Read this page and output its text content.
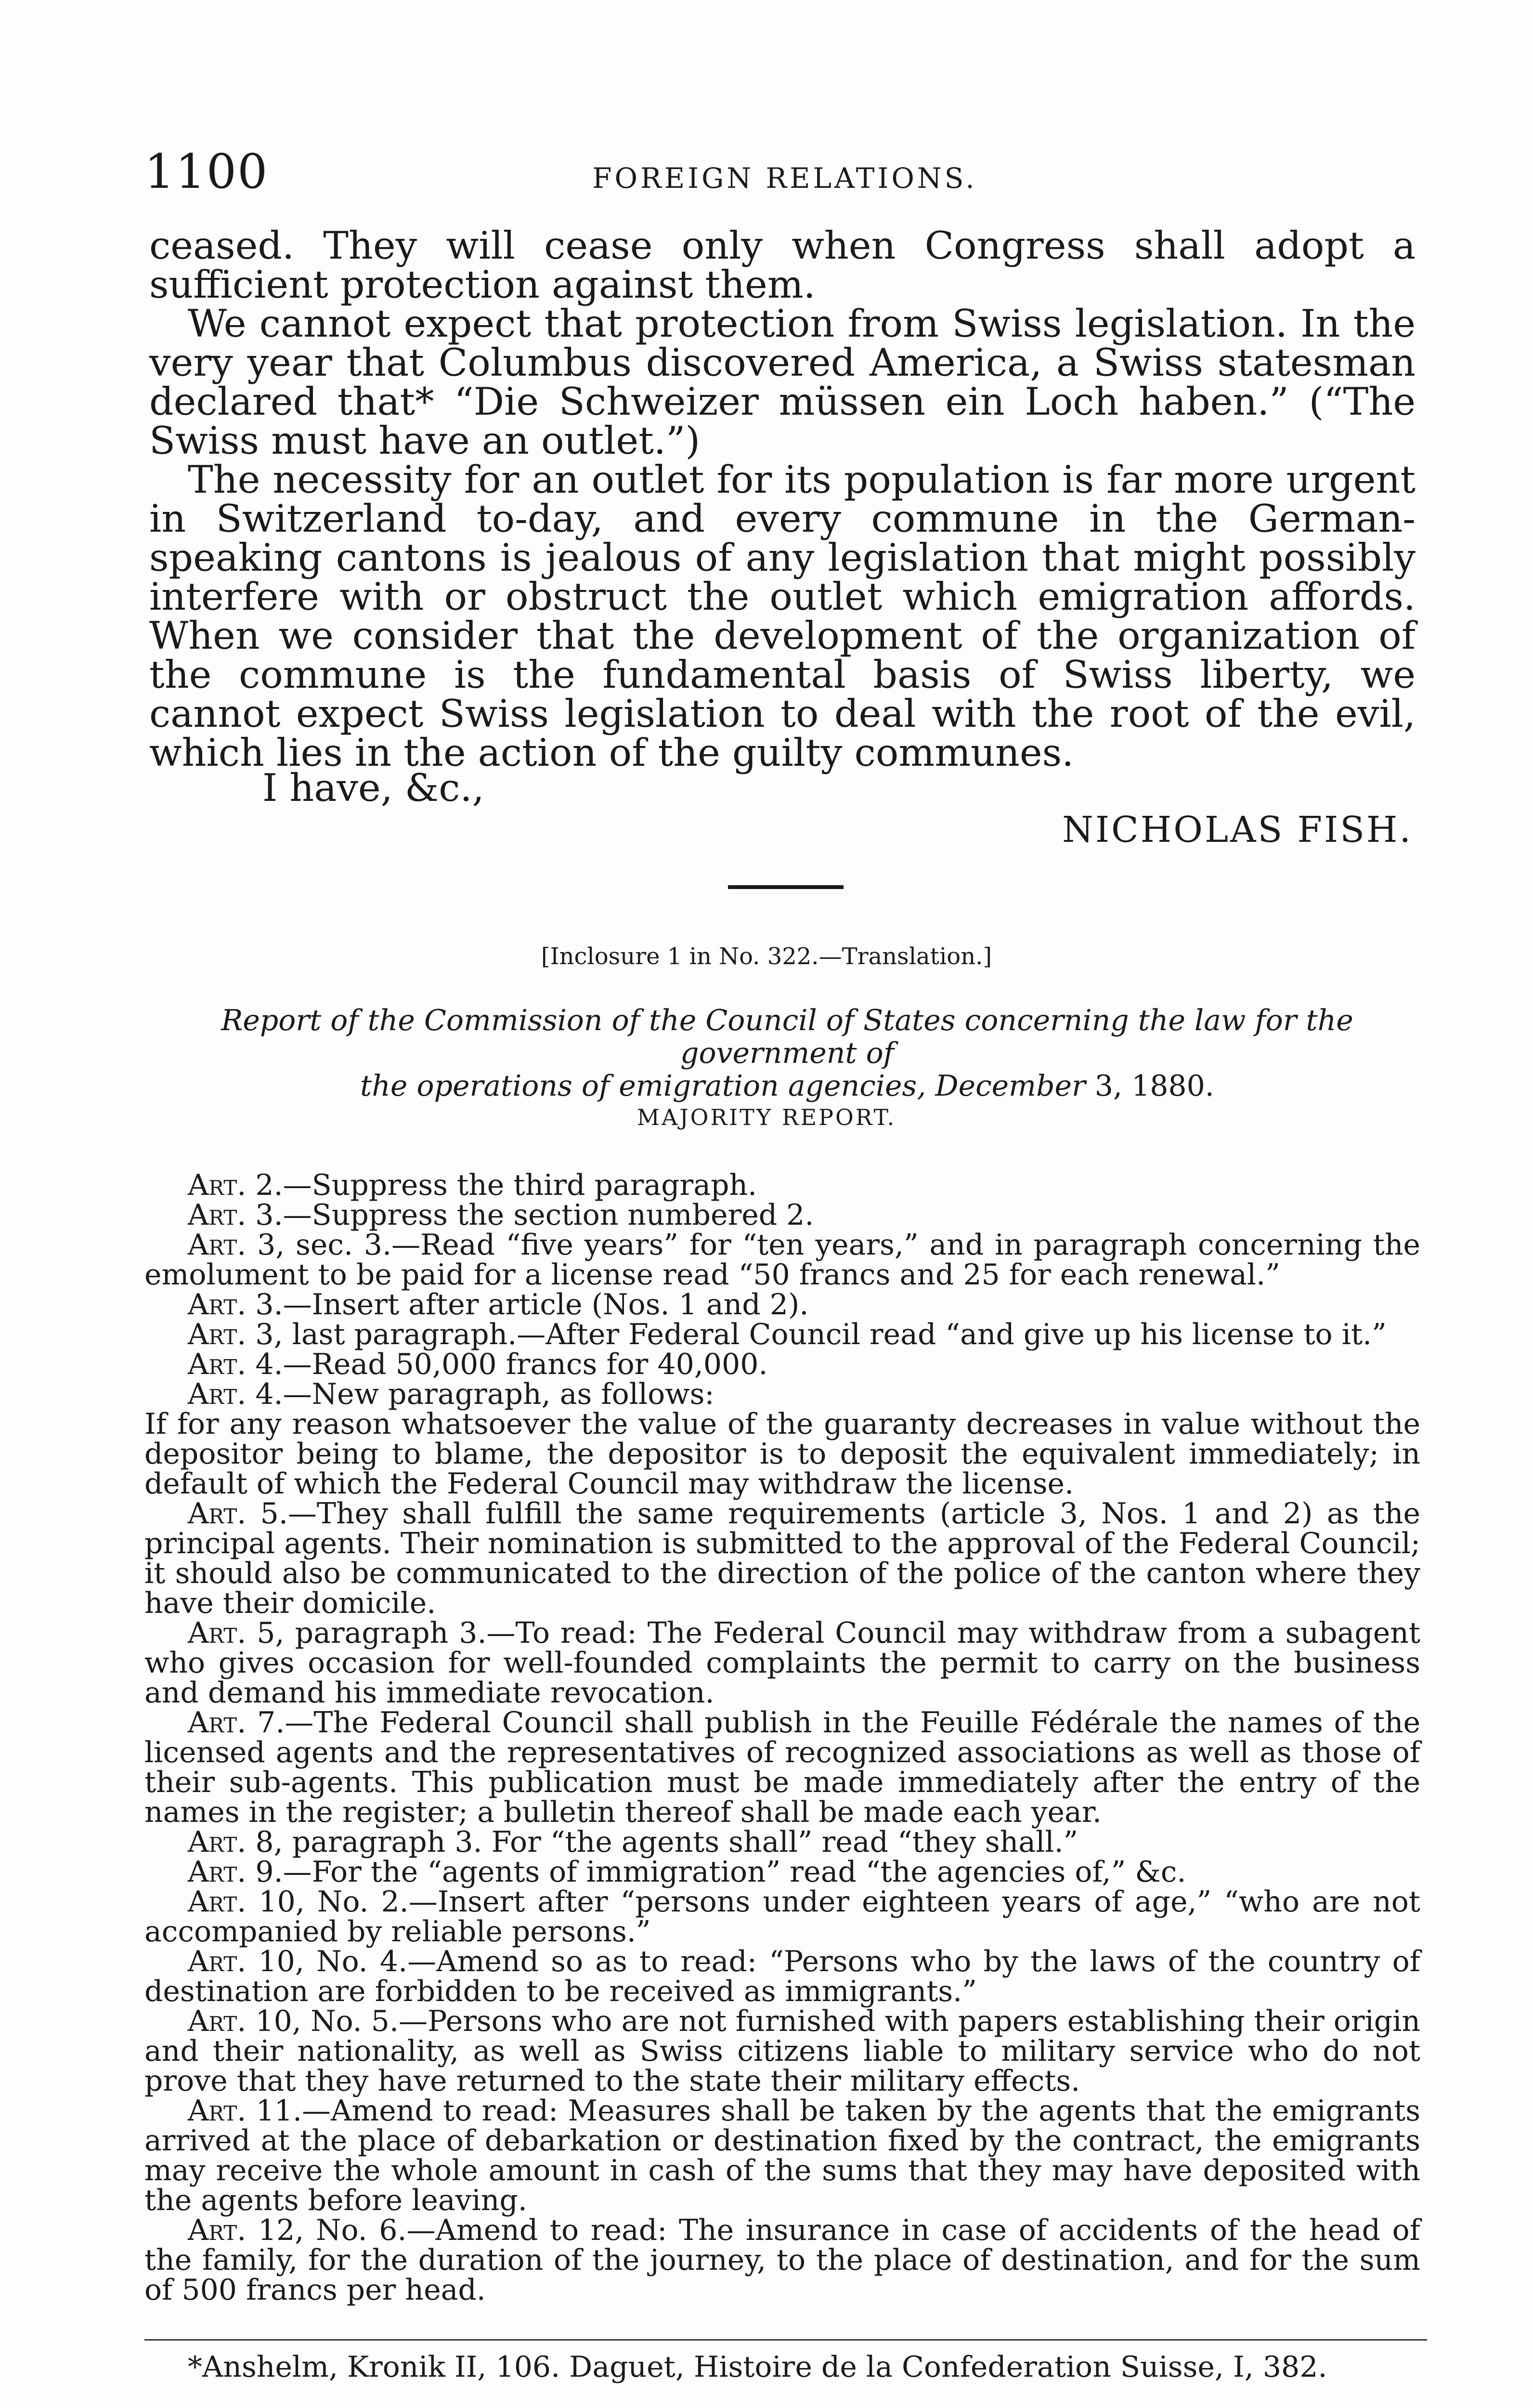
1100	FOREIGN RELATIONS.

ceased. They will cease only when Congress shall adopt a sufficient protection against them.

We cannot expect that protection from Swiss legislation. In the very year that Columbus discovered America, a Swiss statesman declared that* “Die Schweizer müssen ein Loch haben.” (“The Swiss must have an outlet.”)

The necessity for an outlet for its population is far more urgent in Switzerland to-day, and every commune in the German-speaking cantons is jealous of any legislation that might possibly interfere with or obstruct the outlet which emigration affords. When we consider that the development of the organization of the commune is the fundamental basis of Swiss liberty, we cannot expect Swiss legislation to deal with the root of the evil, which lies in the action of the guilty communes.

I have, &c.,
NICHOLAS FISH.
[Inclosure 1 in No. 322.—Translation.]
Report of the Commission of the Council of States concerning the law for the government of
the operations of emigration agencies, December 3, 1880.
MAJORITY REPORT.

Art. 2.—Suppress the third paragraph.

Art. 3.—Suppress the section numbered 2.

Art. 3, sec. 3.—Read “five years” for “ten years,” and in paragraph concerning the emolument to be paid for a license read “50 francs and 25 for each renewal.”

Art. 3.—Insert after article (Nos. 1 and 2).

Art. 3, last paragraph.—After Federal Council read “and give up his license to it.”

Art. 4.—Read 50,000 francs for 40,000.

Art. 4.—New paragraph, as follows:

If for any reason whatsoever the value of the guaranty decreases in value without the depositor being to blame, the depositor is to deposit the equivalent immediately; in default of which the Federal Council may withdraw the license.

Art. 5.—They shall fulfill the same requirements (article 3, Nos. 1 and 2) as the principal agents. Their nomination is submitted to the approval of the Federal Council; it should also be communicated to the direction of the police of the canton where they have their domicile.

Art. 5, paragraph 3.—To read: The Federal Council may withdraw from a subagent who gives occasion for well-founded complaints the permit to carry on the business and demand his immediate revocation.

Art. 7.—The Federal Council shall publish in the Feuille Fédérale the names of the licensed agents and the representatives of recognized associations as well as those of their sub-agents. This publication must be made immediately after the entry of the names in the register; a bulletin thereof shall be made each year.

Art. 8, paragraph 3. For “the agents shall” read “they shall.”

Art. 9.—For the “agents of immigration” read “the agencies of,” &c.

Art. 10, No. 2.—Insert after “persons under eighteen years of age,” “who are not accompanied by reliable persons.”

Art. 10, No. 4.—Amend so as to read: “Persons who by the laws of the country of destination are forbidden to be received as immigrants.”

Art. 10, No. 5.—Persons who are not furnished with papers establishing their origin and their nationality, as well as Swiss citizens liable to military service who do not prove that they have returned to the state their military effects.

Art. 11.—Amend to read: Measures shall be taken by the agents that the emigrants arrived at the place of debarkation or destination fixed by the contract, the emigrants may receive the whole amount in cash of the sums that they may have deposited with the agents before leaving.

Art. 12, No. 6.—Amend to read: The insurance in case of accidents of the head of the family, for the duration of the journey, to the place of destination, and for the sum of 500 francs per head.

*Anshelm, Kronik II, 106. Daguet, Histoire de la Confederation Suisse, I, 382.
